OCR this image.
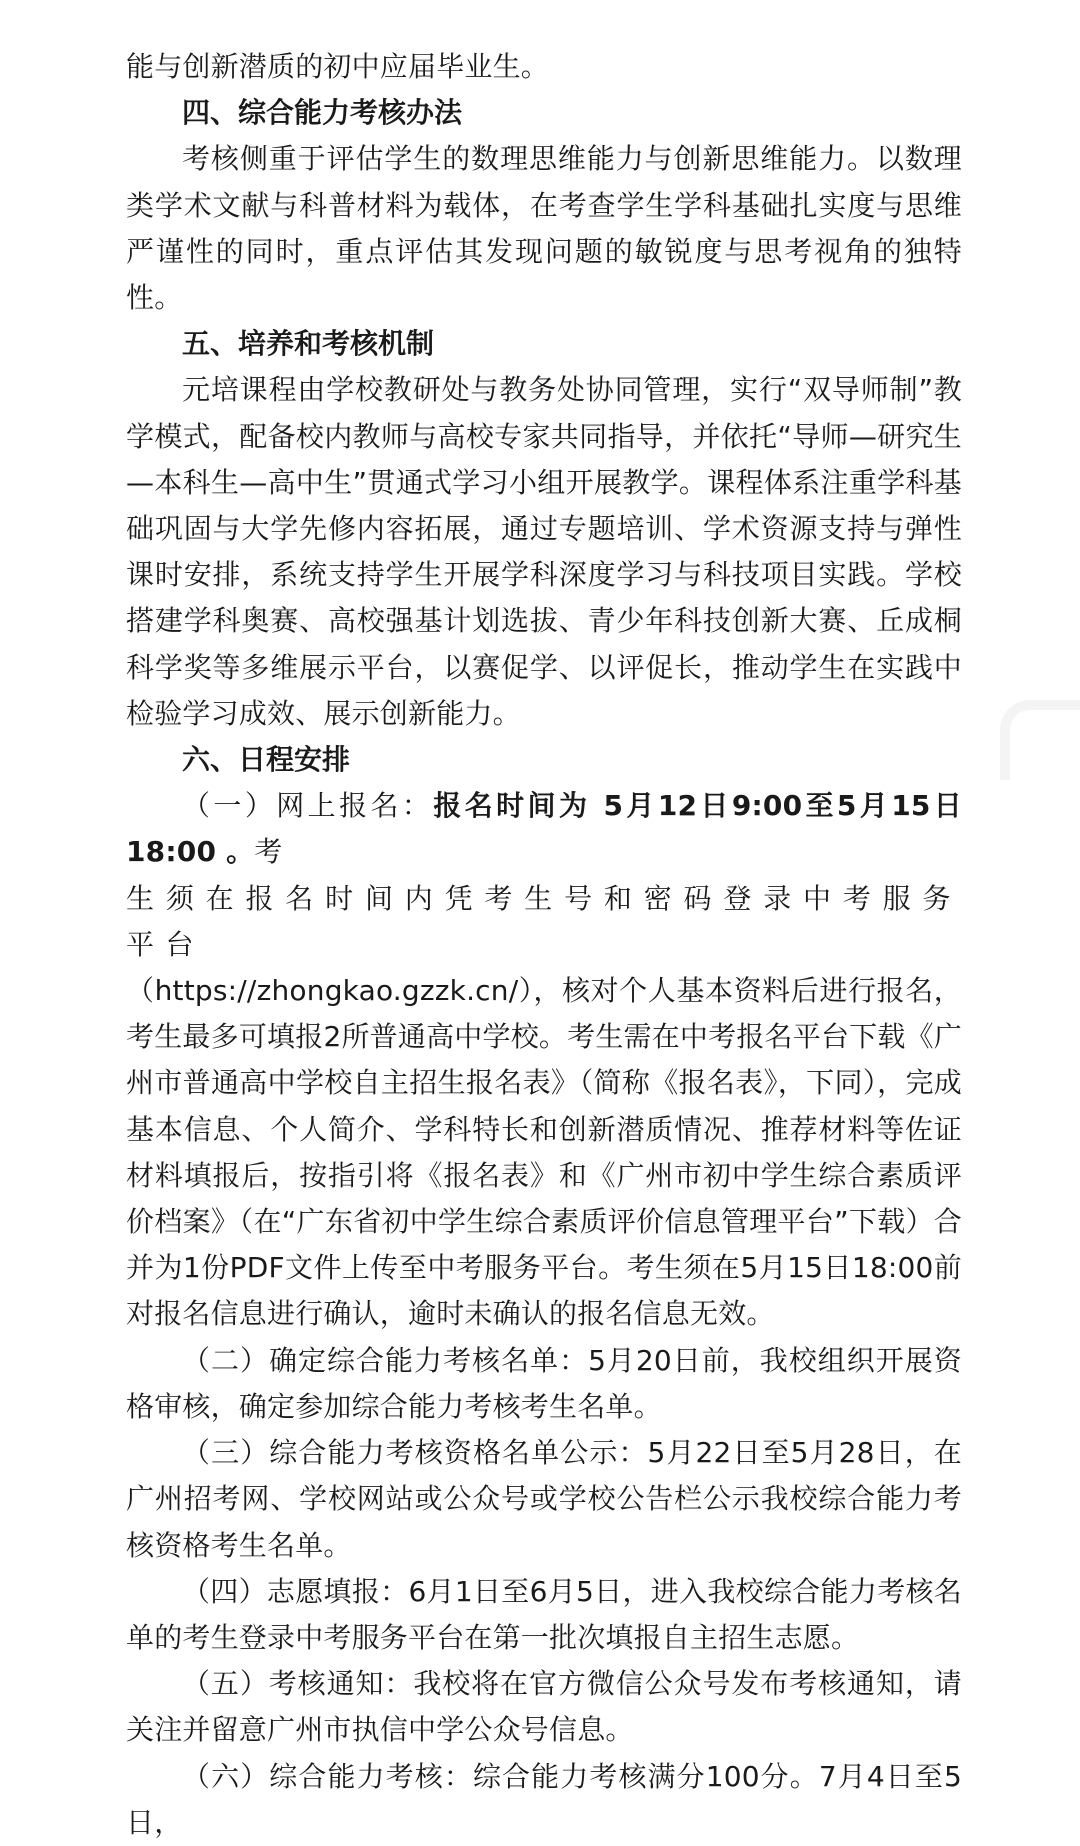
能与创新潜质的初中应届毕业生。

四、综合能力考核办法

考核侧重于评估学生的数理思维能力与创新思维能力。以数理类学术文献与科普材料为载体，在考查学生学科基础扎实度与思维严谨性的同时，重点评估其发现问题的敏锐度与思考视角的独特性。

五、培养和考核机制

元培课程由学校教研处与教务处协同管理，实行“双导师制”教学模式，配备校内教师与高校专家共同指导，并依托“导师—研究生—本科生—高中生”贯通式学习小组开展教学。课程体系注重学科基础巩固与大学先修内容拓展，通过专题培训、学术资源支持与弹性课时安排，系统支持学生开展学科深度学习与科技项目实践。学校搭建学科奥赛、高校强基计划选拔、青少年科技创新大赛、丘成桐科学奖等多维展示平台，以赛促学、以评促长，推动学生在实践中检验学习成效、展示创新能力。

六、日程安排

（一）网上报名：报名时间为 5月12日9:00至5月15日18:00 。考
生须在报名时间内凭考生号和密码登录中考服务平台
（https://zhongkao.gzzk.cn/），核对个人基本资料后进行报名，考生最多可填报2所普通高中学校。考生需在中考报名平台下载《广州市普通高中学校自主招生报名表》（简称《报名表》，下同），完成基本信息、个人简介、学科特长和创新潜质情况、推荐材料等佐证材料填报后，按指引将《报名表》和《广州市初中学生综合素质评价档案》（在“广东省初中学生综合素质评价信息管理平台”下载）合并为1份PDF文件上传至中考服务平台。考生须在5月15日18:00前对报名信息进行确认，逾时未确认的报名信息无效。

（二）确定综合能力考核名单：5月20日前，我校组织开展资格审核，确定参加综合能力考核考生名单。

（三）综合能力考核资格名单公示：5月22日至5月28日，在广州招考网、学校网站或公众号或学校公告栏公示我校综合能力考核资格考生名单。

（四）志愿填报：6月1日至6月5日，进入我校综合能力考核名单的考生登录中考服务平台在第一批次填报自主招生志愿。

（五）考核通知：我校将在官方微信公众号发布考核通知，请关注并留意广州市执信中学公众号信息。

（六）综合能力考核：综合能力考核满分100分。7月4日至5日，
